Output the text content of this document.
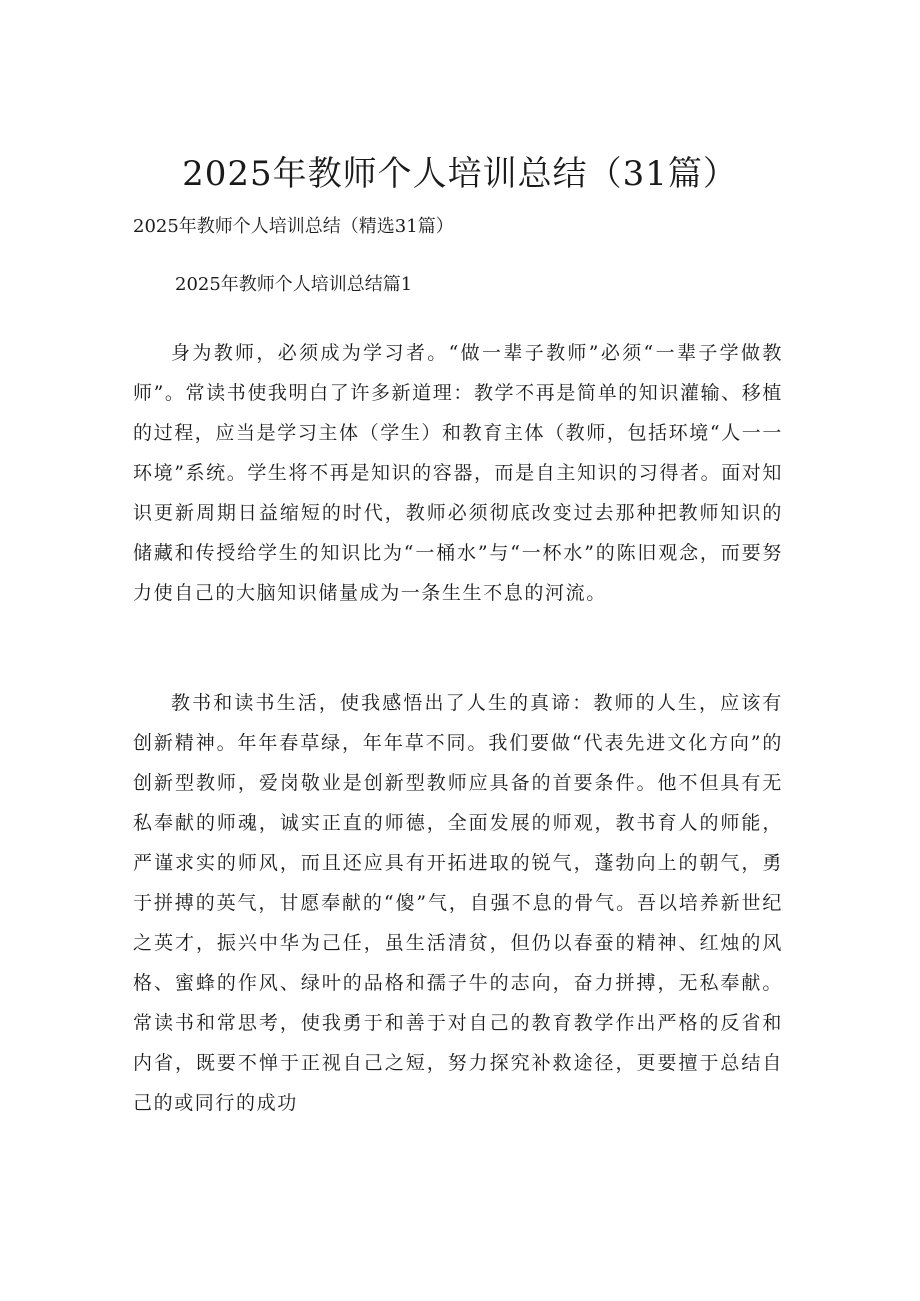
2025年教师个人培训总结（31篇）

2025年教师个人培训总结（精选31篇）

2025年教师个人培训总结篇1

身为教师，必须成为学习者。“做一辈子教师”必须“一辈子学做教师”。常读书使我明白了许多新道理：教学不再是简单的知识灌输、移植的过程，应当是学习主体（学生）和教育主体（教师，包括环境“人一一环境”系统。学生将不再是知识的容器，而是自主知识的习得者。面对知识更新周期日益缩短的时代，教师必须彻底改变过去那种把教师知识的储藏和传授给学生的知识比为“一桶水”与“一杯水”的陈旧观念，而要努力使自己的大脑知识储量成为一条生生不息的河流。

教书和读书生活，使我感悟出了人生的真谛：教师的人生，应该有创新精神。年年春草绿，年年草不同。我们要做“代表先进文化方向”的创新型教师，爱岗敬业是创新型教师应具备的首要条件。他不但具有无私奉献的师魂，诚实正直的师德，全面发展的师观，教书育人的师能，严谨求实的师风，而且还应具有开拓进取的锐气，蓬勃向上的朝气，勇于拼搏的英气，甘愿奉献的“傻”气，自强不息的骨气。吾以培养新世纪之英才，振兴中华为己任，虽生活清贫，但仍以春蚕的精神、红烛的风格、蜜蜂的作风、绿叶的品格和孺子牛的志向，奋力拼搏，无私奉献。常读书和常思考，使我勇于和善于对自己的教育教学作出严格的反省和内省，既要不惮于正视自己之短，努力探究补救途径，更要擅于总结自己的或同行的成功
